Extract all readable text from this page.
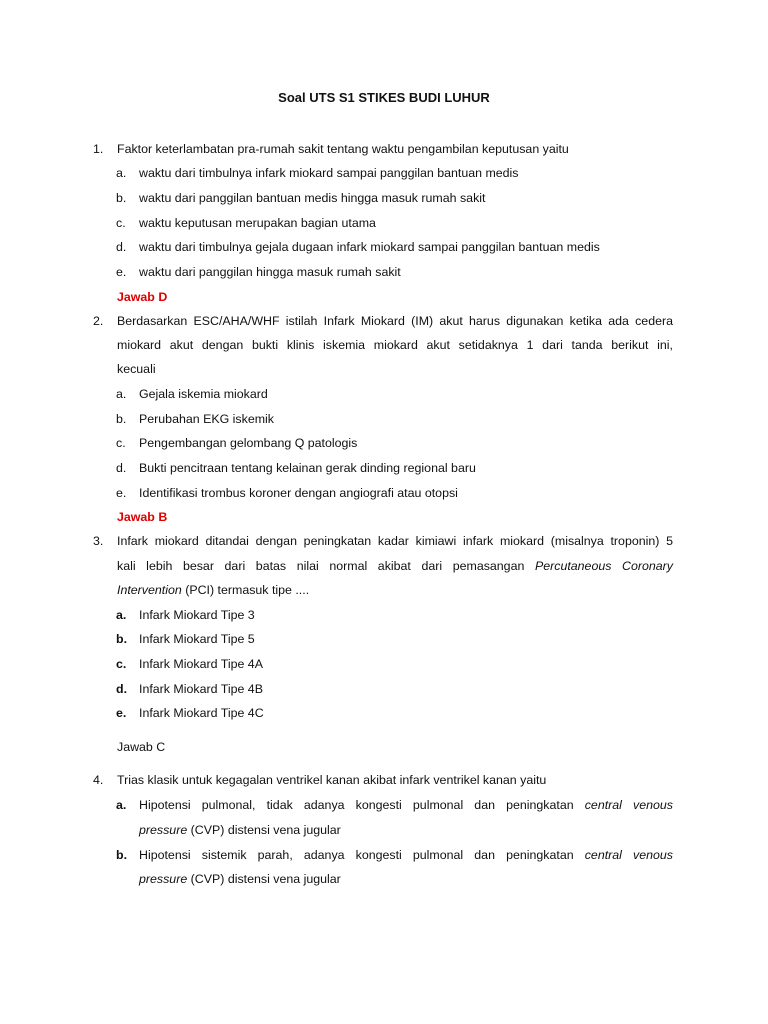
Soal UTS S1 STIKES BUDI LUHUR
1. Faktor keterlambatan pra-rumah sakit tentang waktu pengambilan keputusan yaitu
a. waktu dari timbulnya infark miokard sampai panggilan bantuan medis
b. waktu dari panggilan bantuan medis hingga masuk rumah sakit
c. waktu keputusan merupakan bagian utama
d. waktu dari timbulnya gejala dugaan infark miokard sampai panggilan bantuan medis
e. waktu dari panggilan hingga masuk rumah sakit
Jawab D
2. Berdasarkan ESC/AHA/WHF istilah Infark Miokard (IM) akut harus digunakan ketika ada cedera
miokard akut dengan bukti klinis iskemia miokard akut setidaknya 1 dari tanda berikut ini,
kecuali
a. Gejala iskemia miokard
b. Perubahan EKG iskemik
c. Pengembangan gelombang Q patologis
d. Bukti pencitraan tentang kelainan gerak dinding regional baru
e. Identifikasi trombus koroner dengan angiografi atau otopsi
Jawab B
3. Infark miokard ditandai dengan peningkatan kadar kimiawi infark miokard (misalnya troponin) 5
kali lebih besar dari batas nilai normal akibat dari pemasangan Percutaneous Coronary
Intervention (PCI) termasuk tipe ....
a. Infark Miokard Tipe 3
b. Infark Miokard Tipe 5
c. Infark Miokard Tipe 4A
d. Infark Miokard Tipe 4B
e. Infark Miokard Tipe 4C
Jawab C
4. Trias klasik untuk kegagalan ventrikel kanan akibat infark ventrikel kanan yaitu
a. Hipotensi pulmonal, tidak adanya kongesti pulmonal dan peningkatan central venous
pressure (CVP) distensi vena jugular
b. Hipotensi sistemik parah, adanya kongesti pulmonal dan peningkatan central venous
pressure (CVP) distensi vena jugular
